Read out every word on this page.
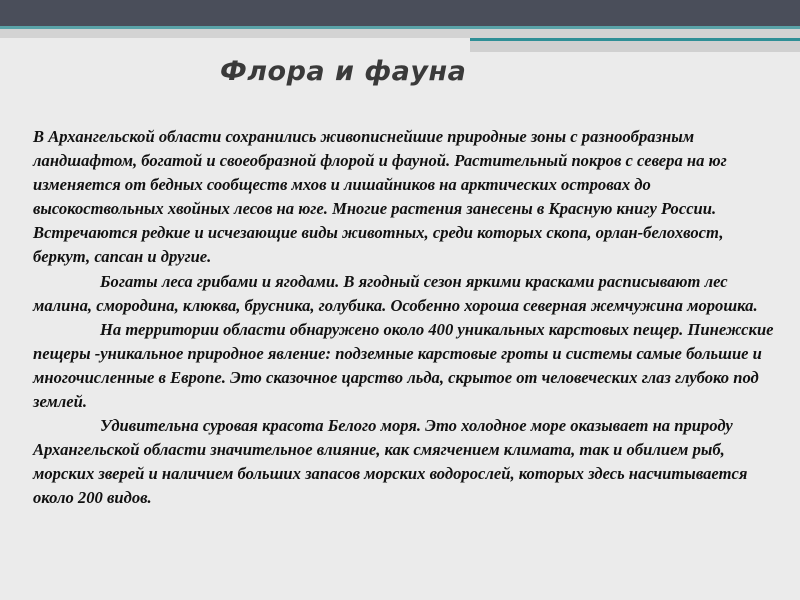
Флора и фауна

В Архангельской области сохранились живописнейшие природные зоны с разнообразным ландшафтом, богатой и своеобразной флорой и фауной. Растительный покров с севера на юг изменяется от бедных сообществ мхов и лишайников на арктических островах до высокоствольных хвойных лесов на юге. Многие растения занесены в Красную книгу России. Встречаются редкие и исчезающие виды животных, среди которых скопа, орлан-белохвост, беркут, сапсан и другие.

Богаты леса грибами и ягодами. В ягодный сезон яркими красками расписывают лес малина, смородина, клюква, брусника, голубика. Особенно хороша северная жемчужина морошка.

На территории области обнаружено около 400 уникальных карстовых пещер. Пинежские пещеры -уникальное природное явление: подземные карстовые гроты и системы самые большие и многочисленные в Европе. Это сказочное царство льда, скрытое от человеческих глаз глубоко под землей.

Удивительна суровая красота Белого моря. Это холодное море оказывает на природу Архангельской области значительное влияние, как смягчением климата, так и обилием рыб, морских зверей и наличием больших запасов морских водорослей, которых здесь насчитывается около 200 видов.
